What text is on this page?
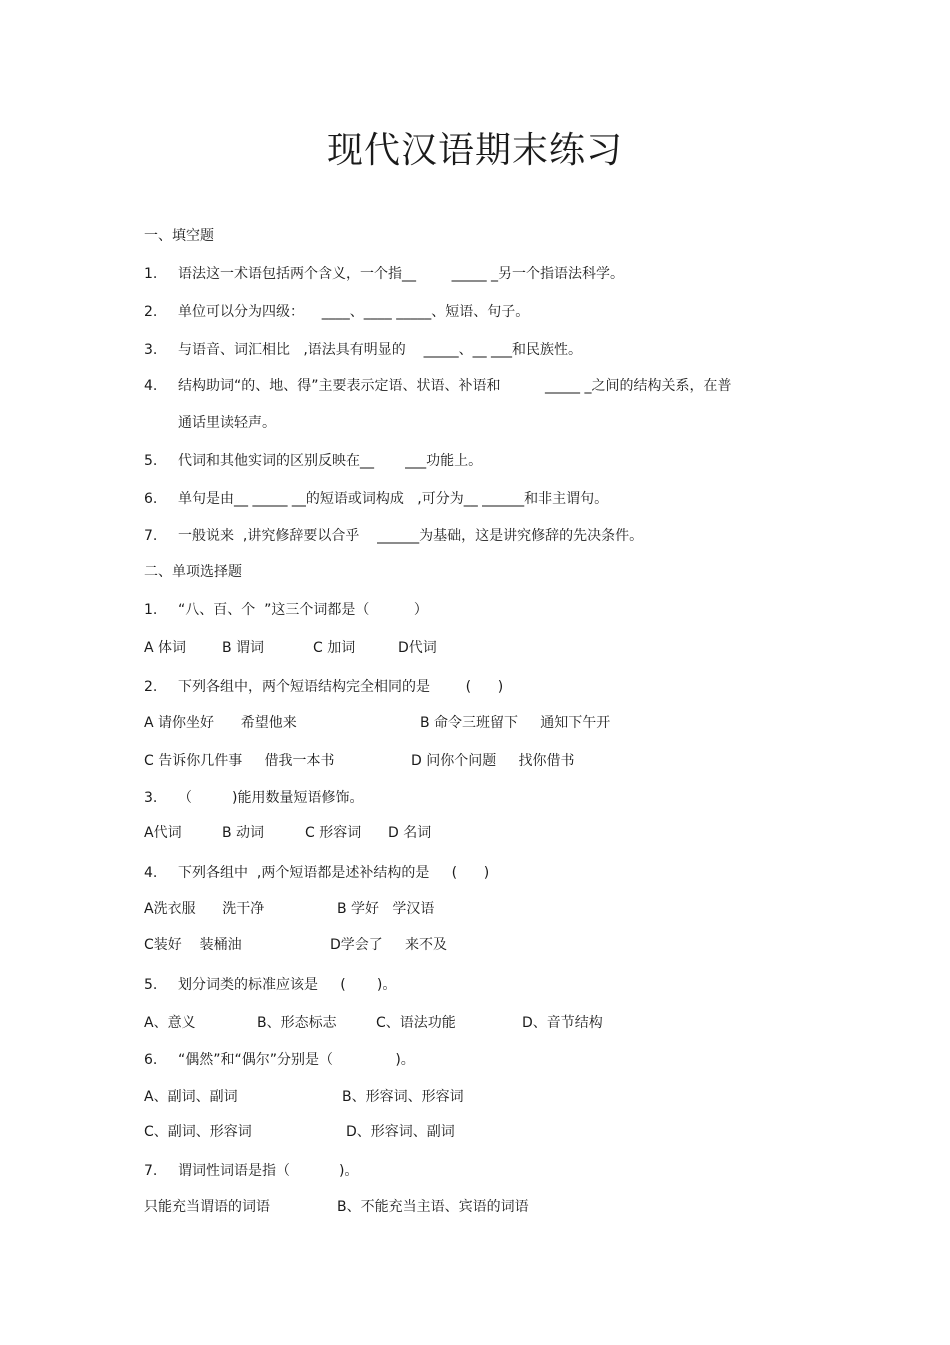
现代汉语期末练习
一、填空题
1. 语法这一术语包括两个含义，一个指__        _____ _另一个指语法科学。
2. 单位可以分为四级：    ____、____ _____、短语、句子。
3. 与语音、词汇相比   ,语法具有明显的    _____、__ ___和民族性。
4. 结构助词“的、地、得”主要表示定语、状语、补语和          _____ _之间的结构关系，在普
通话里读轻声。
5. 代词和其他实词的区别反映在__       ___功能上。
6. 单句是由__ _____ __的短语或词构成   ,可分为__ ______和非主谓句。
7. 一般说来  ,讲究修辞要以合乎    ______为基础，这是讲究修辞的先决条件。
二、单项选择题
1. “八、百、个  ”这三个词都是（          ）
A 体词	B 谓词	C 加词	D代词
2. 下列各组中，两个短语结构完全相同的是        (      )
A 请你坐好      希望他来	B 命令三班留下     通知下午开
C 告诉你几件事     借我一本书	D 问你个问题     找你借书
3. （         )能用数量短语修饰。
A代词	B 动词	C 形容词 D 名词
4. 下列各组中  ,两个短语都是述补结构的是     (      )
A洗衣服      洗干净	B 学好   学汉语
C装好    装桶油	D学会了     来不及
5. 划分词类的标准应该是     (       )。
A、意义	B、形态标志	C、语法功能	D、音节结构
6. “偶然”和“偶尔”分别是（              )。
A、副词、副词	B、形容词、形容词
C、副词、形容词	D、形容词、副词
7. 谓词性词语是指（           )。
只能充当谓语的词语	B、不能充当主语、宾语的词语
